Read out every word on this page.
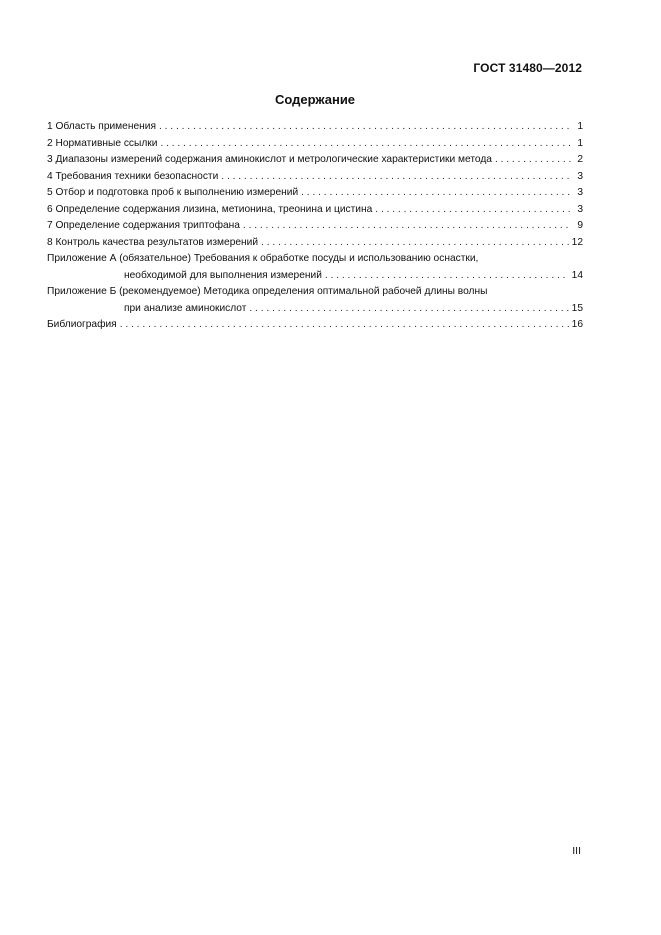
ГОСТ 31480—2012
Содержание
1 Область применения . . .	1
2 Нормативные ссылки . . .	1
3 Диапазоны измерений содержания аминокислот и метрологические характеристики метода . . .	2
4 Требования техники безопасности . . .	3
5 Отбор и подготовка проб к выполнению измерений . . .	3
6 Определение содержания лизина, метионина, треонина и цистина . . .	3
7 Определение содержания триптофана . . .	9
8 Контроль качества результатов измерений . . .	12
Приложение А (обязательное) Требования к обработке посуды и использованию оснастки,
необходимой для выполнения измерений . . .	14
Приложение Б (рекомендуемое) Методика определения оптимальной рабочей длины волны
при анализе аминокислот . . .	15
Библиография . . .	16
III
